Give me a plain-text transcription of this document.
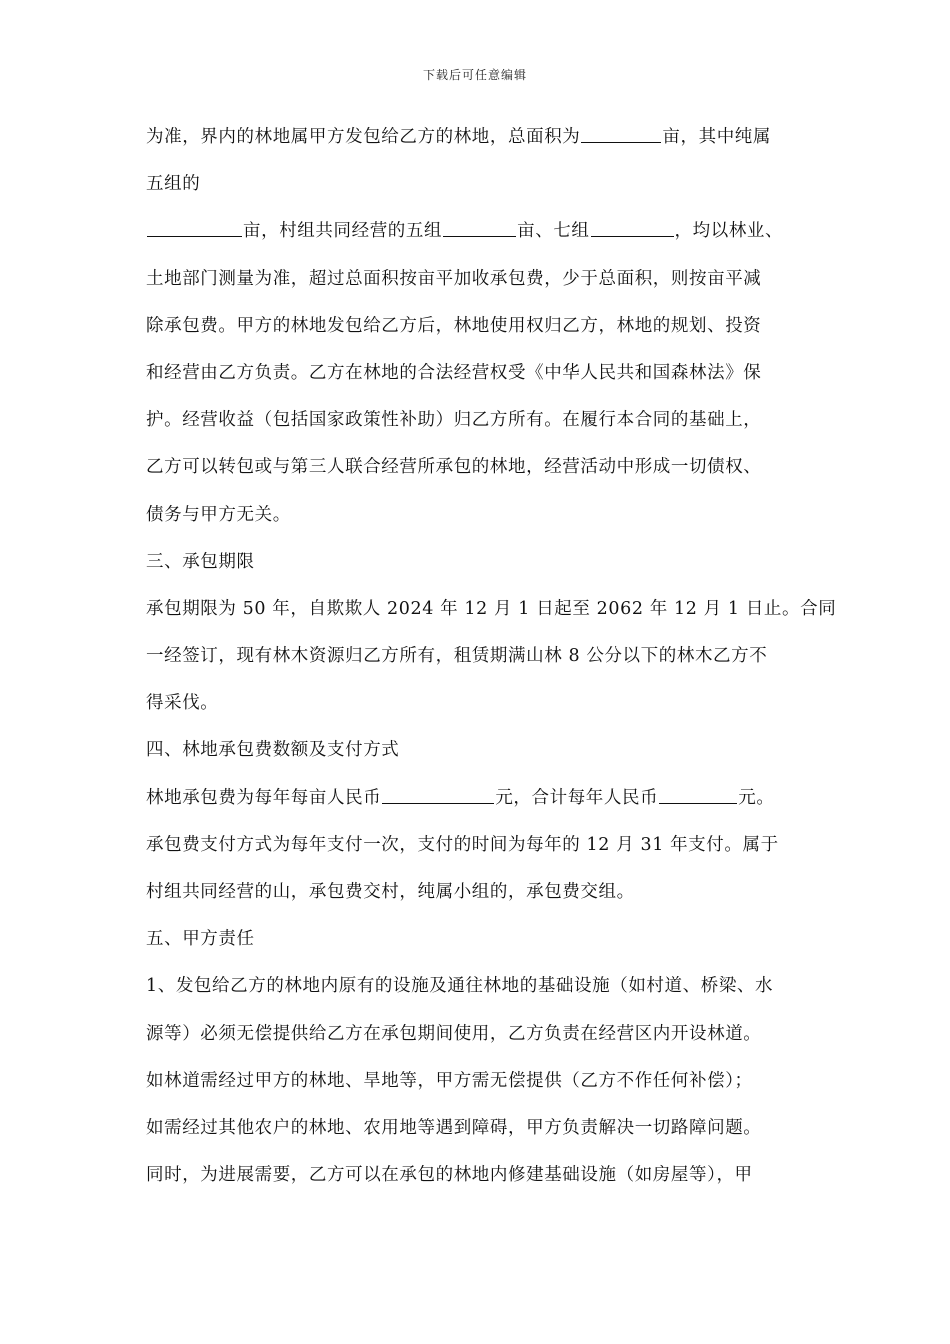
下载后可任意编辑
为准，界内的林地属甲方发包给乙方的林地，总面积为	亩，其中纯属
五组的
亩，村组共同经营的五组	亩、七组	，均以林业、
土地部门测量为准，超过总面积按亩平加收承包费，少于总面积，则按亩平减
除承包费。甲方的林地发包给乙方后，林地使用权归乙方，林地的规划、投资
和经营由乙方负责。乙方在林地的合法经营权受《中华人民共和国森林法》保
护。经营收益（包括国家政策性补助）归乙方所有。在履行本合同的基础上，
乙方可以转包或与第三人联合经营所承包的林地，经营活动中形成一切债权、
债务与甲方无关。
三、承包期限
承包期限为 50 年，自欺欺人 2024 年 12 月 1 日起至 2062 年 12 月 1 日止。合同
一经签订，现有林木资源归乙方所有，租赁期满山林 8 公分以下的林木乙方不
得采伐。
四、林地承包费数额及支付方式
林地承包费为每年每亩人民币	元，合计每年人民币	元。
承包费支付方式为每年支付一次，支付的时间为每年的 12 月 31 年支付。属于
村组共同经营的山，承包费交村，纯属小组的，承包费交组。
五、甲方责任
1、发包给乙方的林地内原有的设施及通往林地的基础设施（如村道、桥梁、水
源等）必须无偿提供给乙方在承包期间使用，乙方负责在经营区内开设林道。
如林道需经过甲方的林地、旱地等，甲方需无偿提供（乙方不作任何补偿）；
如需经过其他农户的林地、农用地等遇到障碍，甲方负责解决一切路障问题。
同时，为进展需要，乙方可以在承包的林地内修建基础设施（如房屋等），甲
